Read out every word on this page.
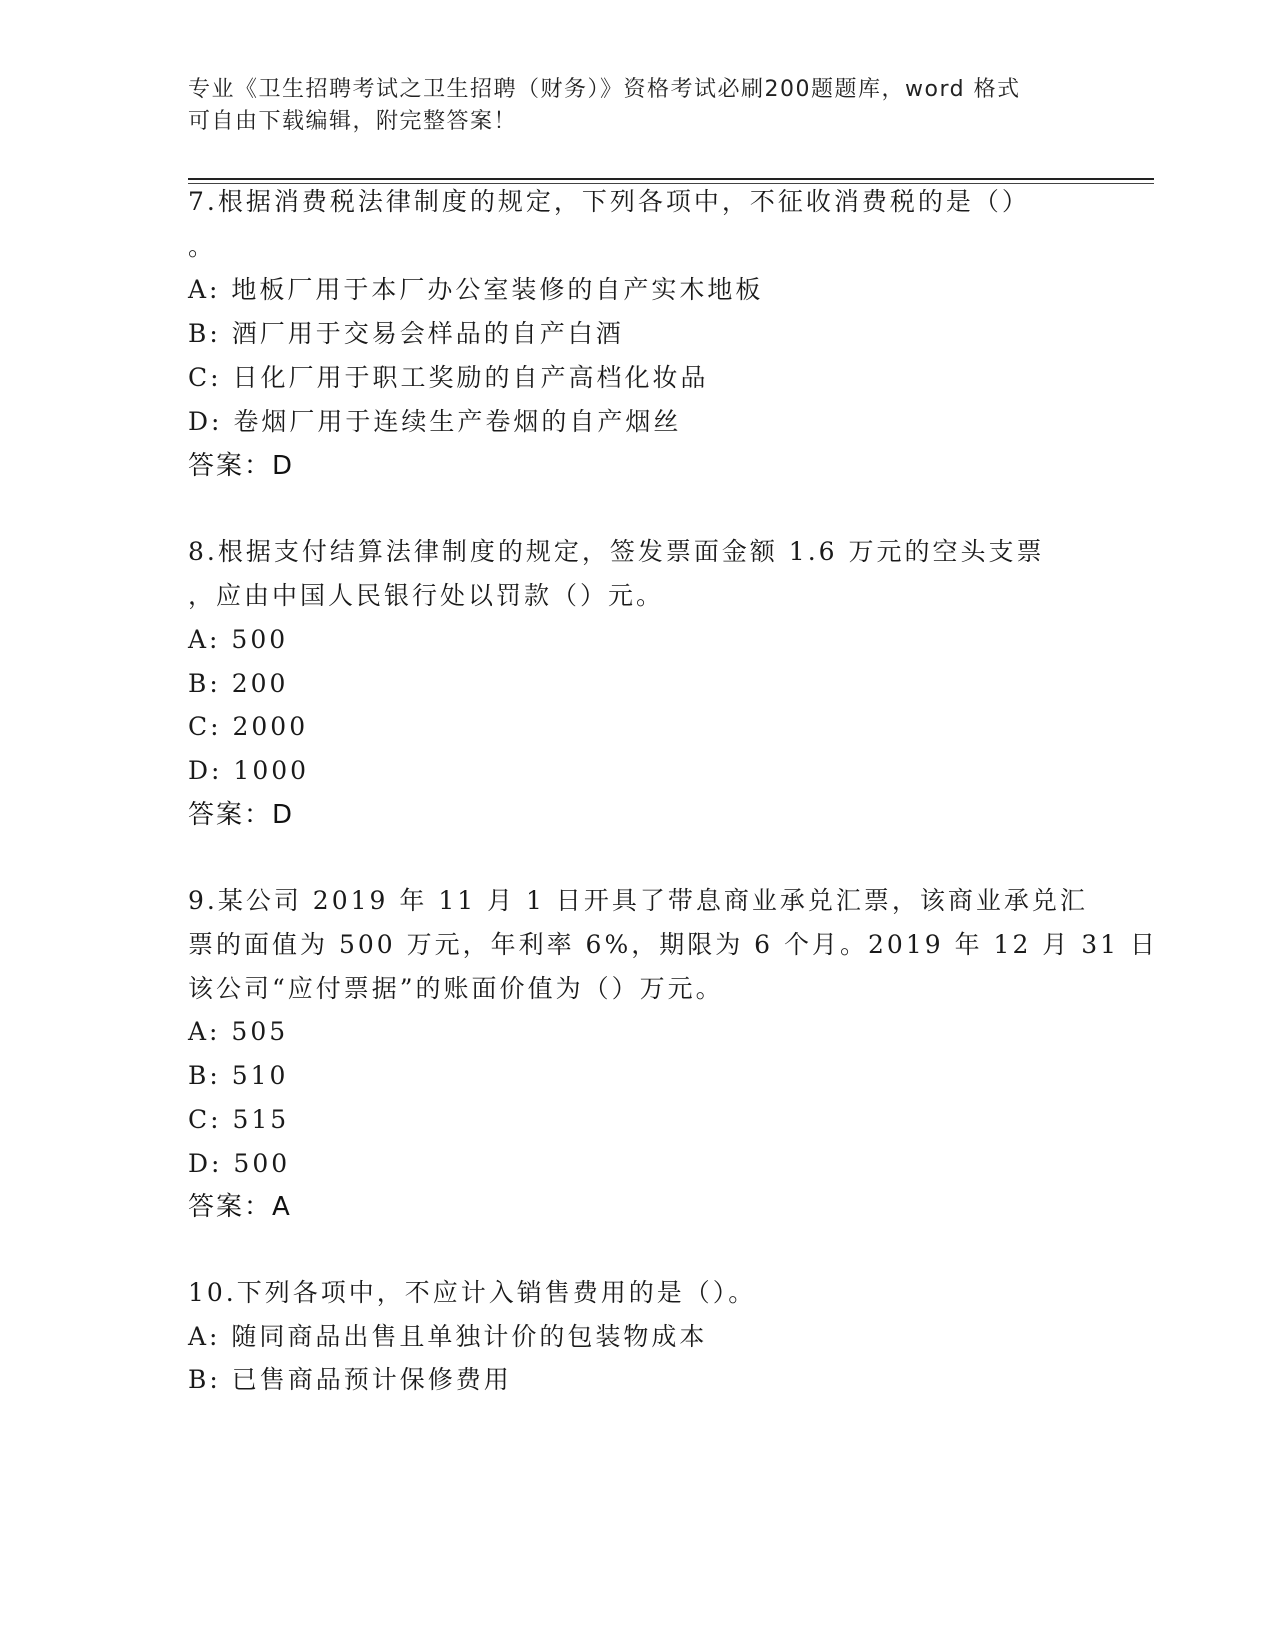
专业《卫生招聘考试之卫生招聘（财务）》资格考试必刷200题题库，word 格式
可自由下载编辑，附完整答案！
7.根据消费税法律制度的规定，下列各项中，不征收消费税的是（）
。
A: 地板厂用于本厂办公室装修的自产实木地板
B: 酒厂用于交易会样品的自产白酒
C: 日化厂用于职工奖励的自产高档化妆品
D: 卷烟厂用于连续生产卷烟的自产烟丝
答案：D
8.根据支付结算法律制度的规定，签发票面金额 1.6 万元的空头支票
，应由中国人民银行处以罚款（）元。
A: 500
B: 200
C: 2000
D: 1000
答案：D
9.某公司 2019 年 11 月 1 日开具了带息商业承兑汇票，该商业承兑汇
票的面值为 500 万元，年利率 6%，期限为 6 个月。2019 年 12 月 31 日
该公司“应付票据”的账面价值为（）万元。
A: 505
B: 510
C: 515
D: 500
答案：A
10.下列各项中，不应计入销售费用的是（）。
A: 随同商品出售且单独计价的包装物成本
B: 已售商品预计保修费用
